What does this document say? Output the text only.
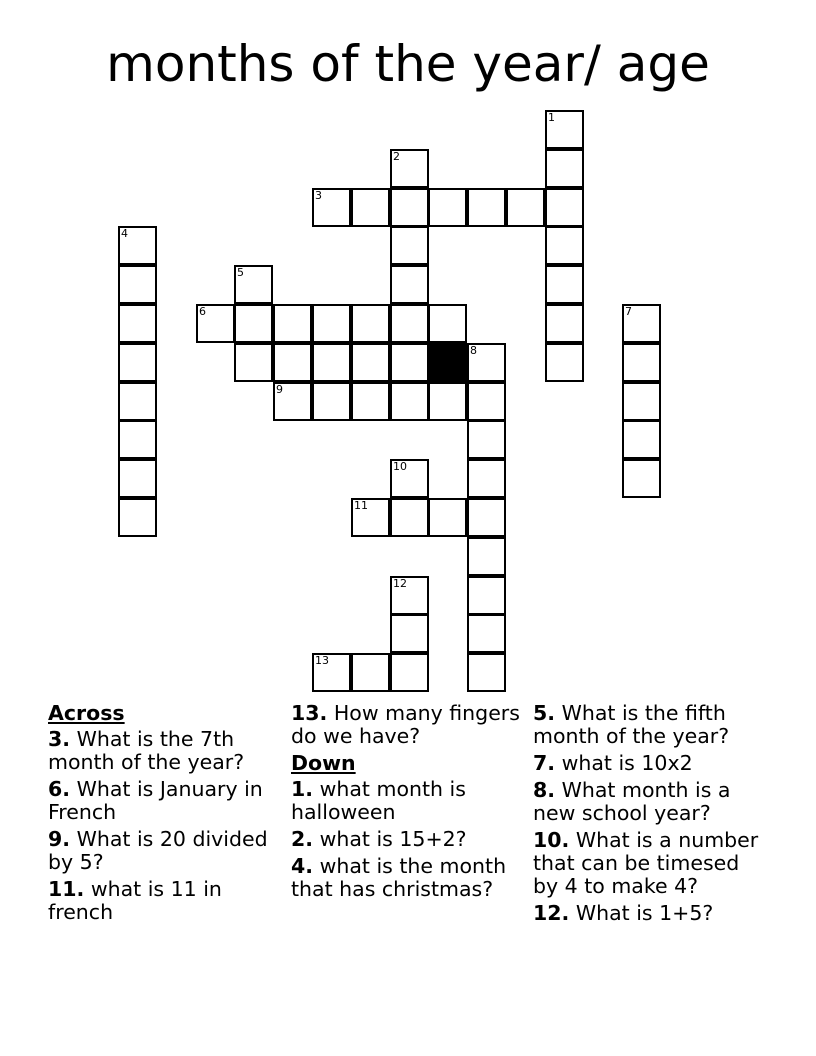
months of the year/ age
1
2
3
4
5
6	7
8
9
10
11
12
13
Across
3. What is the 7th month of the year?
6. What is January in French
9. What is 20 divided by 5?
11. what is 11 in french
13. How many fingers do we have?
Down
1. what month is halloween
2. what is 15+2?
4. what is the month that has christmas?
5. What is the fifth month of the year?
7. what is 10x2
8. What month is a new school year?
10. What is a number that can be timesed by 4 to make 4?
12. What is 1+5?
